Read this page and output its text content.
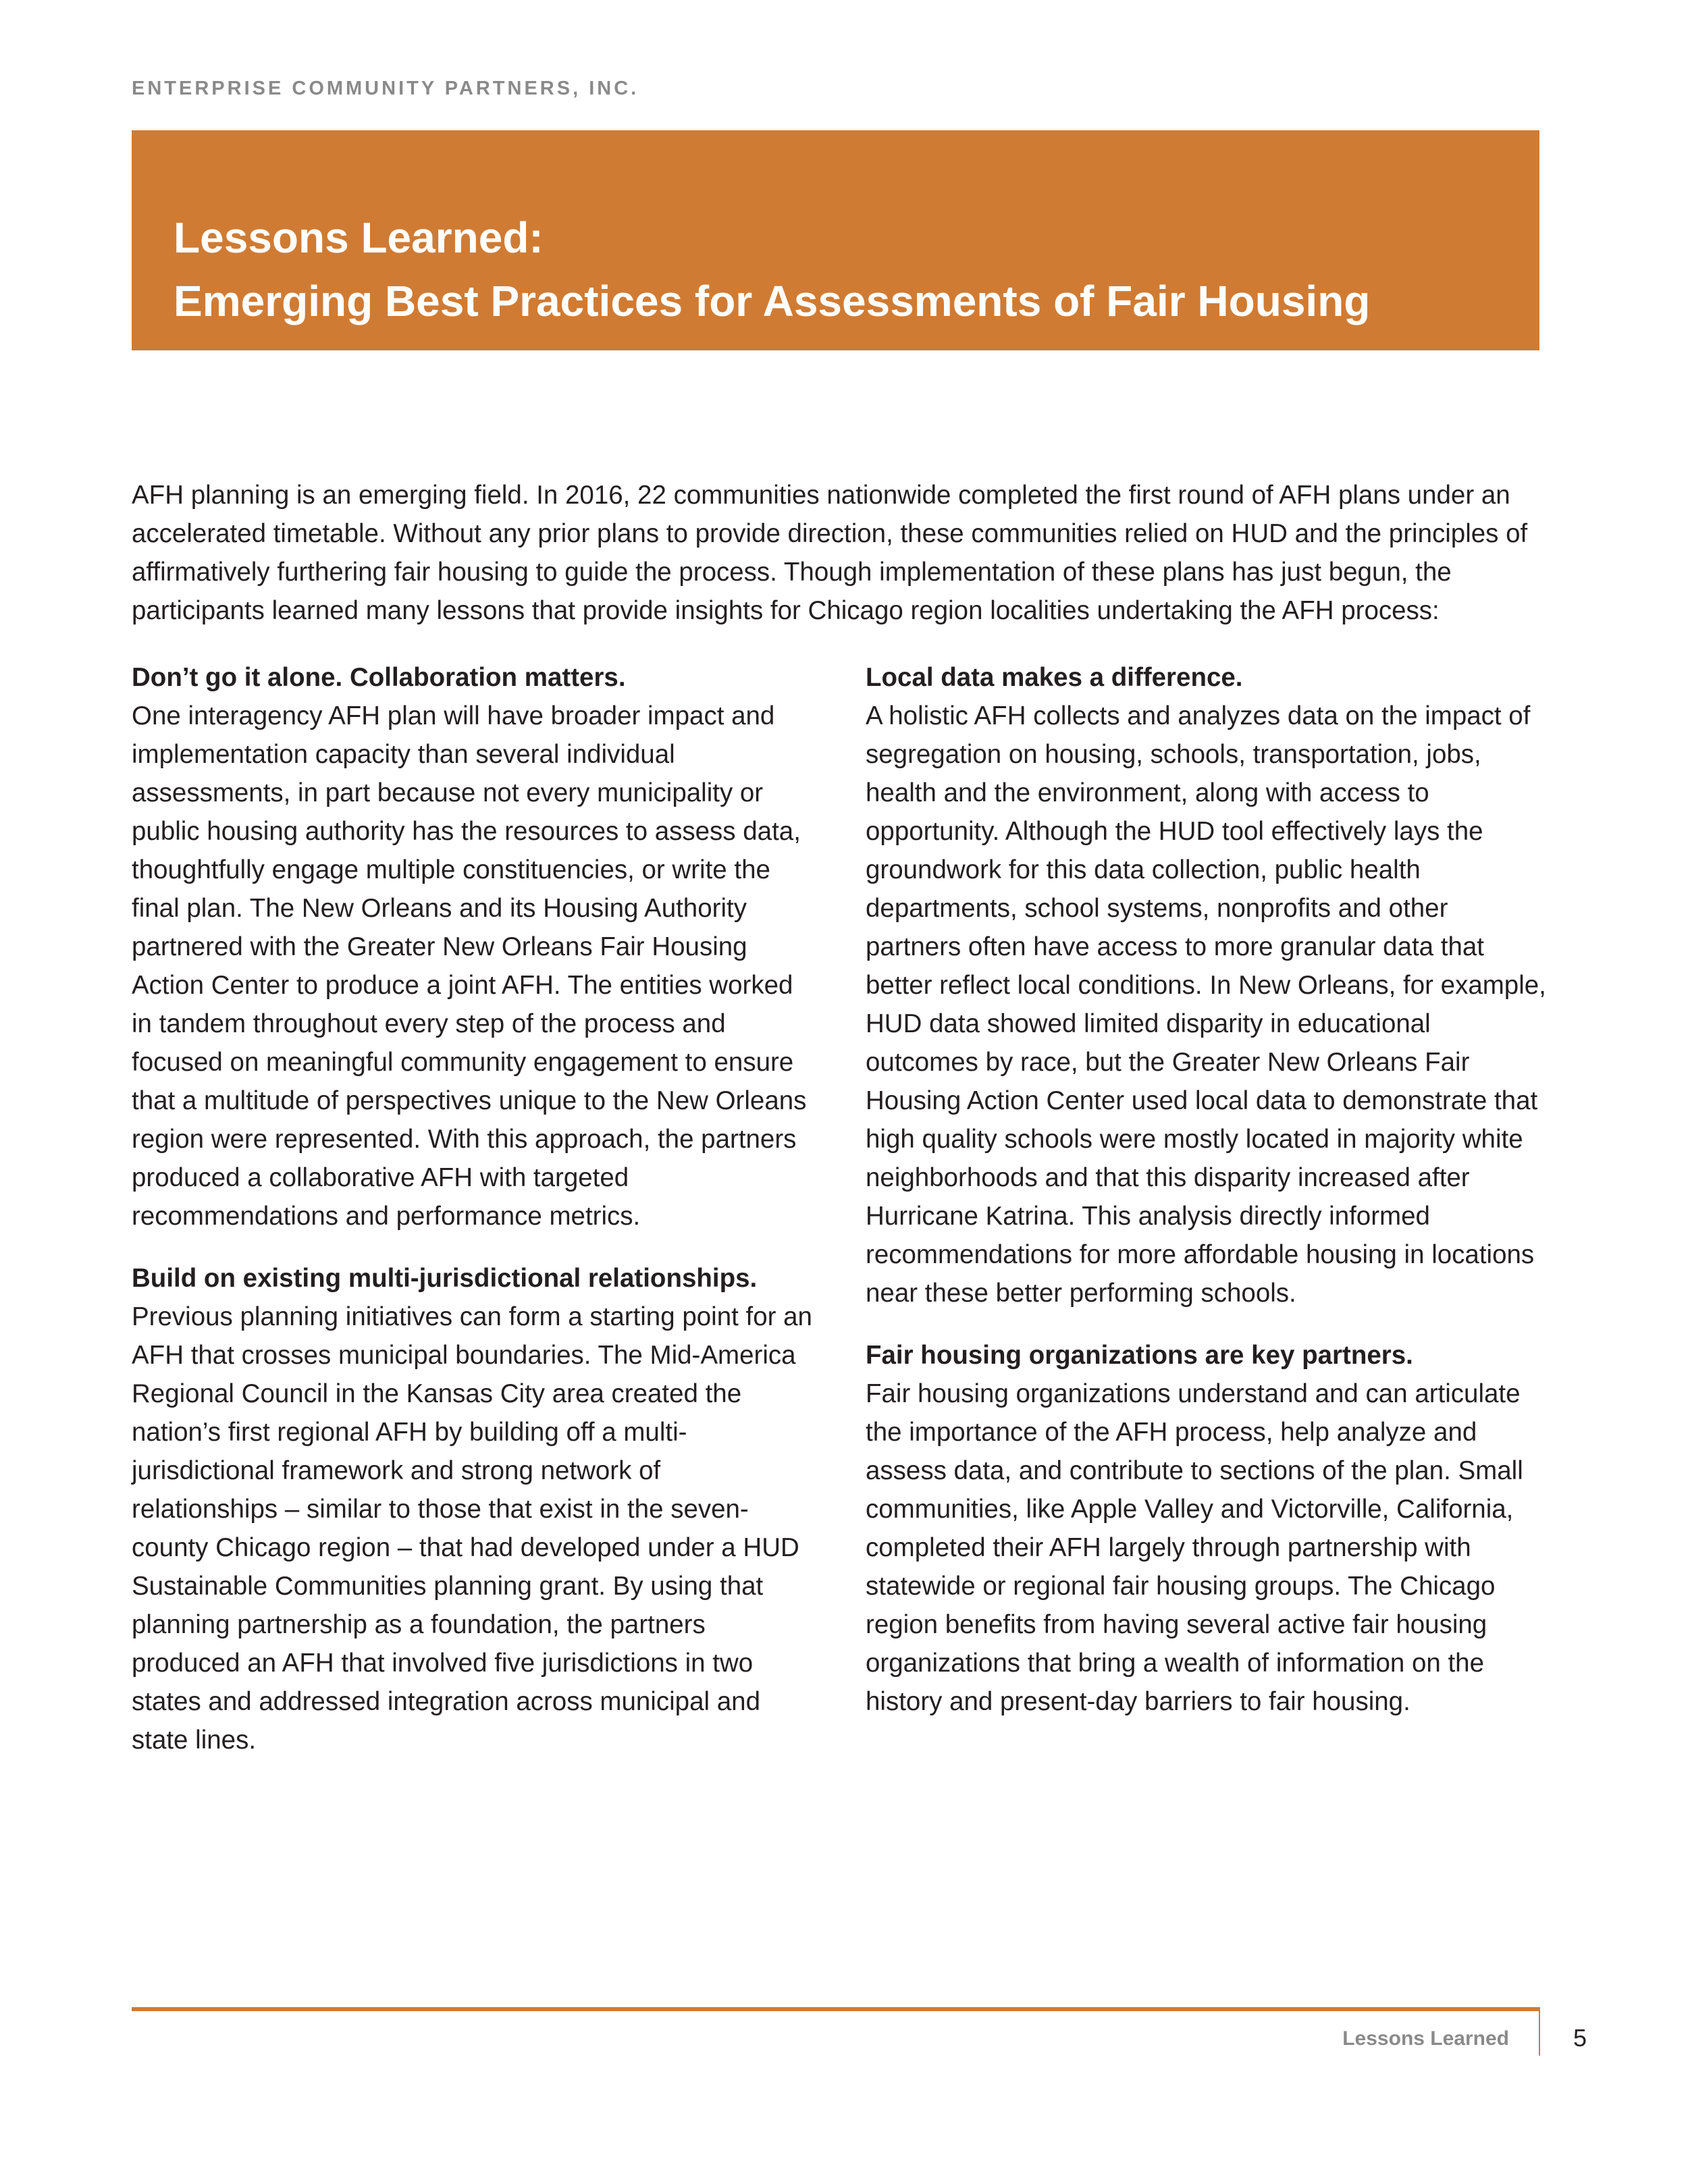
ENTERPRISE COMMUNITY PARTNERS, INC.
Lessons Learned:
Emerging Best Practices for Assessments of Fair Housing
AFH planning is an emerging field. In 2016, 22 communities nationwide completed the first round of AFH plans under an accelerated timetable. Without any prior plans to provide direction, these communities relied on HUD and the principles of affirmatively furthering fair housing to guide the process. Though implementation of these plans has just begun, the participants learned many lessons that provide insights for Chicago region localities undertaking the AFH process:
Don’t go it alone. Collaboration matters.

One interagency AFH plan will have broader impact and implementation capacity than several individual assessments, in part because not every municipality or public housing authority has the resources to assess data, thoughtfully engage multiple constituencies, or write the final plan. The New Orleans and its Housing Authority partnered with the Greater New Orleans Fair Housing Action Center to produce a joint AFH. The entities worked in tandem throughout every step of the process and focused on meaningful community engagement to ensure that a multitude of perspectives unique to the New Orleans region were represented. With this approach, the partners produced a collaborative AFH with targeted recommendations and performance metrics.

Build on existing multi-jurisdictional relationships.

Previous planning initiatives can form a starting point for an AFH that crosses municipal boundaries. The Mid-America Regional Council in the Kansas City area created the nation’s first regional AFH by building off a multi-jurisdictional framework and strong network of relationships – similar to those that exist in the seven-county Chicago region – that had developed under a HUD Sustainable Communities planning grant. By using that planning partnership as a foundation, the partners produced an AFH that involved five jurisdictions in two states and addressed integration across municipal and state lines.

Local data makes a difference.

A holistic AFH collects and analyzes data on the impact of segregation on housing, schools, transportation, jobs, health and the environment, along with access to opportunity. Although the HUD tool effectively lays the groundwork for this data collection, public health departments, school systems, nonprofits and other partners often have access to more granular data that better reflect local conditions. In New Orleans, for example, HUD data showed limited disparity in educational outcomes by race, but the Greater New Orleans Fair Housing Action Center used local data to demonstrate that high quality schools were mostly located in majority white neighborhoods and that this disparity increased after Hurricane Katrina. This analysis directly informed recommendations for more affordable housing in locations near these better performing schools.

Fair housing organizations are key partners.

Fair housing organizations understand and can articulate the importance of the AFH process, help analyze and assess data, and contribute to sections of the plan. Small communities, like Apple Valley and Victorville, California, completed their AFH largely through partnership with statewide or regional fair housing groups. The Chicago region benefits from having several active fair housing organizations that bring a wealth of information on the history and present-day barriers to fair housing.

Lessons Learned	5
